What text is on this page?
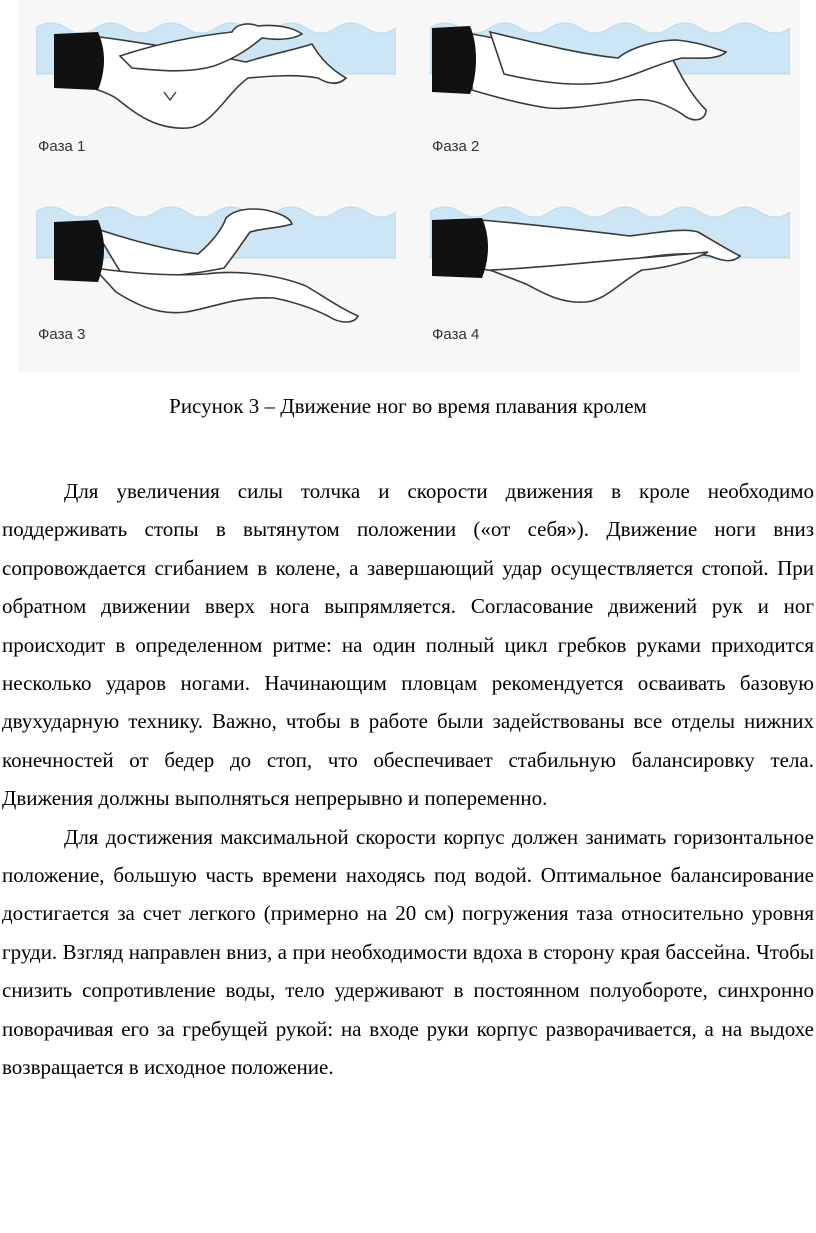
Фаза 1	Фаза 2
Фаза 3	Фаза 4
Рисунок 3 – Движение ног во время плавания кролем

Для увеличения силы толчка и скорости движения в кроле необходимо поддерживать стопы в вытянутом положении («от себя»). Движение ноги вниз сопровождается сгибанием в колене, а завершающий удар осуществляется стопой. При обратном движении вверх нога выпрямляется. Согласование движений рук и ног происходит в определенном ритме: на один полный цикл гребков руками приходится несколько ударов ногами. Начинающим пловцам рекомендуется осваивать базовую двухударную технику. Важно, чтобы в работе были задействованы все отделы нижних конечностей от бедер до стоп, что обеспечивает стабильную балансировку тела. Движения должны выполняться непрерывно и попеременно.

Для достижения максимальной скорости корпус должен занимать горизонтальное положение, большую часть времени находясь под водой. Оптимальное балансирование достигается за счет легкого (примерно на 20 см) погружения таза относительно уровня груди. Взгляд направлен вниз, а при необходимости вдоха в сторону края бассейна. Чтобы снизить сопротивление воды, тело удерживают в постоянном полуобороте, синхронно поворачивая его за гребущей рукой: на входе руки корпус разворачивается, а на выдохе возвращается в исходное положение.
